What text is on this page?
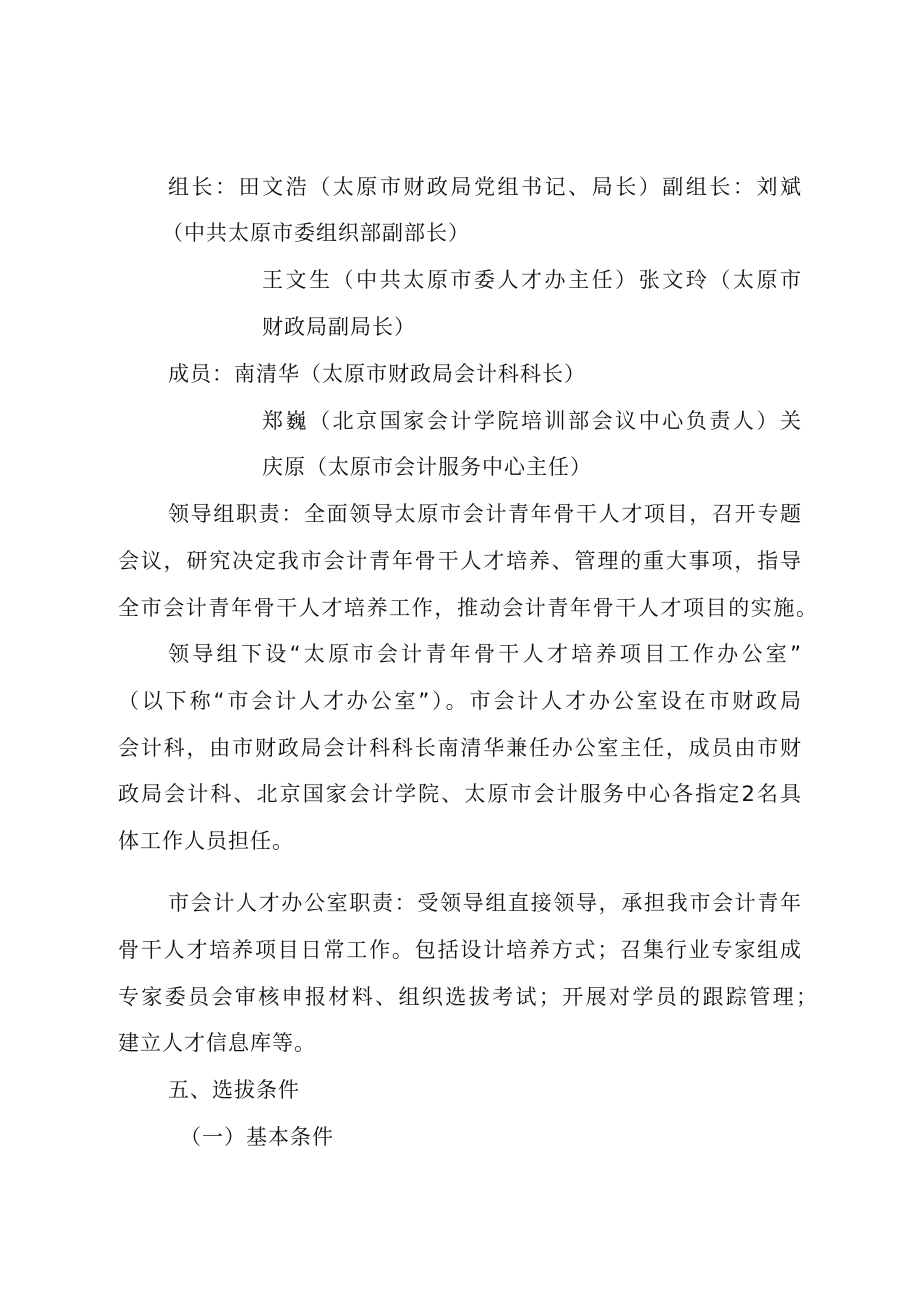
组长：田文浩（太原市财政局党组书记、局长）副组长：刘斌

（中共太原市委组织部副部长）

王文生（中共太原市委人才办主任）张文玲（太原市

财政局副局长）

成员：南清华（太原市财政局会计科科长）

郑巍（北京国家会计学院培训部会议中心负责人）关

庆原（太原市会计服务中心主任）

领导组职责：全面领导太原市会计青年骨干人才项目，召开专题

会议，研究决定我市会计青年骨干人才培养、管理的重大事项，指导

全市会计青年骨干人才培养工作，推动会计青年骨干人才项目的实施。

领导组下设“太原市会计青年骨干人才培养项目工作办公室”

（以下称“市会计人才办公室”）。市会计人才办公室设在市财政局

会计科，由市财政局会计科科长南清华兼任办公室主任，成员由市财

政局会计科、北京国家会计学院、太原市会计服务中心各指定2名具

体工作人员担任。

市会计人才办公室职责：受领导组直接领导，承担我市会计青年

骨干人才培养项目日常工作。包括设计培养方式；召集行业专家组成

专家委员会审核申报材料、组织选拔考试；开展对学员的跟踪管理；

建立人才信息库等。

五、选拔条件

（一）基本条件
